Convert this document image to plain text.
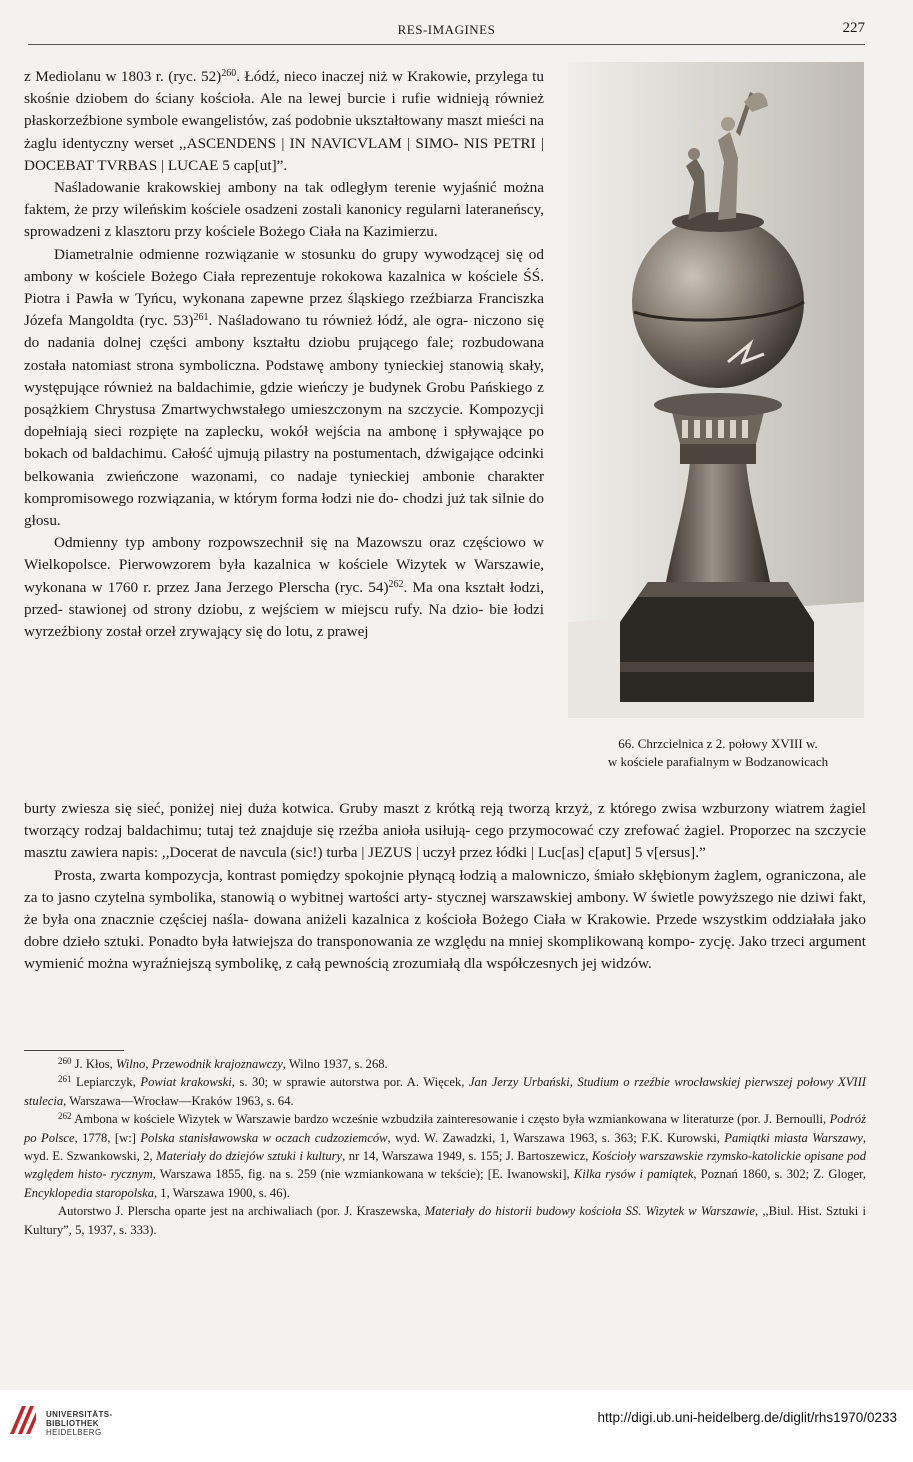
RES-IMAGINES	227

z Mediolanu w 1803 r. (ryc. 52)$^{260}$. Łódź, nieco inaczej niż w Krakowie, przylega tu skośnie dziobem do ściany kościoła. Ale na lewej burcie i rufie widnieją również płaskorzeźbione symbole ewangelistów, zaś podobnie ukształtowany maszt mieści na żaglu identyczny werset ,,ASCENDENS | IN NAVICVLAM | SIMO- NIS PETRI | DOCEBAT TVRBAS | LUCAE 5 cap[ut]”.

Naśladowanie krakowskiej ambony na tak odległym terenie wyjaśnić można faktem, że przy wileńskim kościele osadzeni zostali kanonicy regularni lateraneńscy, sprowadzeni z klasztoru przy kościele Bożego Ciała na Kazimierzu.

Diametralnie odmienne rozwiązanie w stosunku do grupy wywodzącej się od ambony w kościele Bożego Ciała reprezentuje rokokowa kazalnica w kościele ŚŚ. Piotra i Pawła w Tyńcu, wykonana zapewne przez śląskiego rzeźbiarza Franciszka Józefa Mangoldta (ryc. 53)$^{261}$. Naśladowano tu również łódź, ale ogra- niczono się do nadania dolnej części ambony kształtu dziobu prującego fale; rozbudowana została natomiast strona symboliczna. Podstawę ambony tynieckiej stanowią skały, występujące również na baldachimie, gdzie wieńczy je budynek Grobu Pańskiego z posążkiem Chrystusa Zmartwychwstałego umieszczonym na szczycie. Kompozycji dopełniają sieci rozpięte na zaplecku, wokół wejścia na ambonę i spływające po bokach od baldachimu. Całość ujmują pilastry na postumentach, dźwigające odcinki belkowania zwieńczone wazonami, co nadaje tynieckiej ambonie charakter kompromisowego rozwiązania, w którym forma łodzi nie do- chodzi już tak silnie do głosu.

Odmienny typ ambony rozpowszechnił się na Mazowszu oraz częściowo w Wielkopolsce. Pierwowzorem była kazalnica w kościele Wizytek w Warszawie, wykonana w 1760 r. przez Jana Jerzego Plerscha (ryc. 54)$^{262}$. Ma ona kształt łodzi, przed- stawionej od strony dziobu, z wejściem w miejscu rufy. Na dzio- bie łodzi wyrzeźbiony został orzeł zrywający się do lotu, z prawej

66. Chrzcielnica z 2. połowy XVIII w.
w kościele parafialnym w Bodzanowicach

burty zwiesza się sieć, poniżej niej duża kotwica. Gruby maszt z krótką reją tworzą krzyż, z którego zwisa wzburzony wiatrem żagiel tworzący rodzaj baldachimu; tutaj też znajduje się rzeźba anioła usiłują- cego przymocować czy zrefować żagiel. Proporzec na szczycie masztu zawiera napis: ,,Docerat de navcula (sic!) turba | JEZUS | uczył przez łódki | Luc[as] c[aput] 5 v[ersus].”

Prosta, zwarta kompozycja, kontrast pomiędzy spokojnie płynącą łodzią a malowniczo, śmiało skłębionym żaglem, ograniczona, ale za to jasno czytelna symbolika, stanowią o wybitnej wartości arty- stycznej warszawskiej ambony. W świetle powyższego nie dziwi fakt, że była ona znacznie częściej naśla- dowana aniżeli kazalnica z kościoła Bożego Ciała w Krakowie. Przede wszystkim oddziałała jako dobre dzieło sztuki. Ponadto była łatwiejsza do transponowania ze względu na mniej skomplikowaną kompo- zycję. Jako trzeci argument wymienić można wyraźniejszą symbolikę, z całą pewnością zrozumiałą dla współczesnych jej widzów.

$^{260}$ J. Kłos, Wilno, Przewodnik krajoznawczy, Wilno 1937, s. 268.

$^{261}$ Lepiarczyk, Powiat krakowski, s. 30; w sprawie autorstwa por. A. Więcek, Jan Jerzy Urbański, Studium o rzeźbie wrocławskiej pierwszej połowy XVIII stulecia, Warszawa—Wrocław—Kraków 1963, s. 64.

$^{262}$ Ambona w kościele Wizytek w Warszawie bardzo wcześnie wzbudziła zainteresowanie i często była wzmiankowana w literaturze (por. J. Bernoulli, Podróż po Polsce, 1778, [w:] Polska stanisławowska w oczach cudzoziemców, wyd. W. Zawadzki, 1, Warszawa 1963, s. 363; F.K. Kurowski, Pamiątki miasta Warszawy, wyd. E. Szwankowski, 2, Materiały do dziejów sztuki i kultury, nr 14, Warszawa 1949, s. 155; J. Bartoszewicz, Kościoły warszawskie rzymsko-katolickie opisane pod względem histo- rycznym, Warszawa 1855, fig. na s. 259 (nie wzmiankowana w tekście); [E. Iwanowski], Kilka rysów i pamiątek, Poznań 1860, s. 302; Z. Gloger, Encyklopedia staropolska, 1, Warszawa 1900, s. 46).

Autorstwo J. Plerscha oparte jest na archiwaliach (por. J. Kraszewska, Materiały do historii budowy kościoła SS. Wizytek w Warszawie, ,,Biul. Hist. Sztuki i Kultury”, 5, 1937, s. 333).

UNIVERSITÄTS-
BIBLIOTHEK
HEIDELBERG
http://digi.ub.uni-heidelberg.de/diglit/rhs1970/0233
